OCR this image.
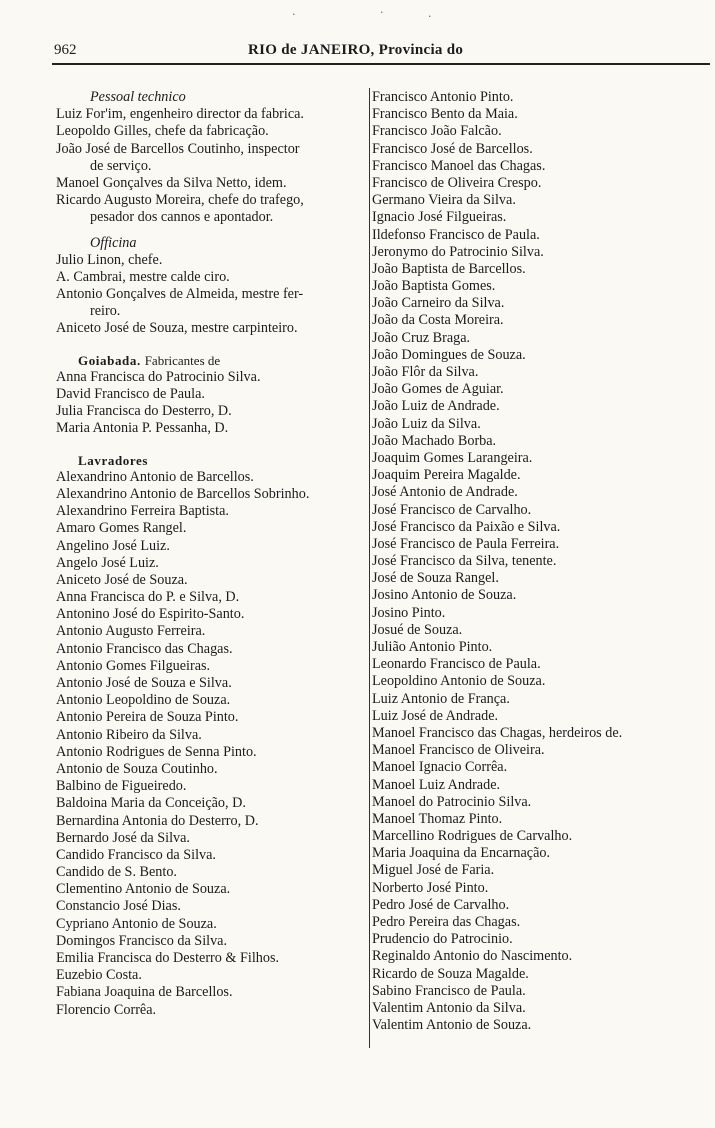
962	RIO de JANEIRO, Provincia do
Pessoal technico
Luiz For'im, engenheiro director da fabrica.
Leopoldo Gilles, chefe da fabricação.
João José de Barcellos Coutinho, inspector
de serviço.
Manoel Gonçalves da Silva Netto, idem.
Ricardo Augusto Moreira, chefe do trafego,
pesador dos cannos e apontador.
Officina
Julio Linon, chefe.
A. Cambrai, mestre calde ciro.
Antonio Gonçalves de Almeida, mestre fer-
reiro.
Aniceto José de Souza, mestre carpinteiro.
Goiabada. Fabricantes de
Anna Francisca do Patrocinio Silva.
David Francisco de Paula.
Julia Francisca do Desterro, D.
Maria Antonia P. Pessanha, D.
Lavradores
Alexandrino Antonio de Barcellos.
Alexandrino Antonio de Barcellos Sobrinho.
Alexandrino Ferreira Baptista.
Amaro Gomes Rangel.
Angelino José Luiz.
Angelo José Luiz.
Aniceto José de Souza.
Anna Francisca do P. e Silva, D.
Antonino José do Espirito-Santo.
Antonio Augusto Ferreira.
Antonio Francisco das Chagas.
Antonio Gomes Filgueiras.
Antonio José de Souza e Silva.
Antonio Leopoldino de Souza.
Antonio Pereira de Souza Pinto.
Antonio Ribeiro da Silva.
Antonio Rodrigues de Senna Pinto.
Antonio de Souza Coutinho.
Balbino de Figueiredo.
Baldoina Maria da Conceição, D.
Bernardina Antonia do Desterro, D.
Bernardo José da Silva.
Candido Francisco da Silva.
Candido de S. Bento.
Clementino Antonio de Souza.
Constancio José Dias.
Cypriano Antonio de Souza.
Domingos Francisco da Silva.
Emilia Francisca do Desterro & Filhos.
Euzebio Costa.
Fabiana Joaquina de Barcellos.
Florencio Corrêa.
Francisco Antonio Pinto.
Francisco Bento da Maia.
Francisco João Falcão.
Francisco José de Barcellos.
Francisco Manoel das Chagas.
Francisco de Oliveira Crespo.
Germano Vieira da Silva.
Ignacio José Filgueiras.
Ildefonso Francisco de Paula.
Jeronymo do Patrocinio Silva.
João Baptista de Barcellos.
João Baptista Gomes.
João Carneiro da Silva.
João da Costa Moreira.
João Cruz Braga.
João Domingues de Souza.
João Flôr da Silva.
João Gomes de Aguiar.
João Luiz de Andrade.
João Luiz da Silva.
João Machado Borba.
Joaquim Gomes Larangeira.
Joaquim Pereira Magalde.
José Antonio de Andrade.
José Francisco de Carvalho.
José Francisco da Paixão e Silva.
José Francisco de Paula Ferreira.
José Francisco da Silva, tenente.
José de Souza Rangel.
Josino Antonio de Souza.
Josino Pinto.
Josué de Souza.
Julião Antonio Pinto.
Leonardo Francisco de Paula.
Leopoldino Antonio de Souza.
Luiz Antonio de França.
Luiz José de Andrade.
Manoel Francisco das Chagas, herdeiros de.
Manoel Francisco de Oliveira.
Manoel Ignacio Corrêa.
Manoel Luiz Andrade.
Manoel do Patrocinio Silva.
Manoel Thomaz Pinto.
Marcellino Rodrigues de Carvalho.
Maria Joaquina da Encarnação.
Miguel José de Faria.
Norberto José Pinto.
Pedro José de Carvalho.
Pedro Pereira das Chagas.
Prudencio do Patrocinio.
Reginaldo Antonio do Nascimento.
Ricardo de Souza Magalde.
Sabino Francisco de Paula.
Valentim Antonio da Silva.
Valentim Antonio de Souza.
·	·	·
